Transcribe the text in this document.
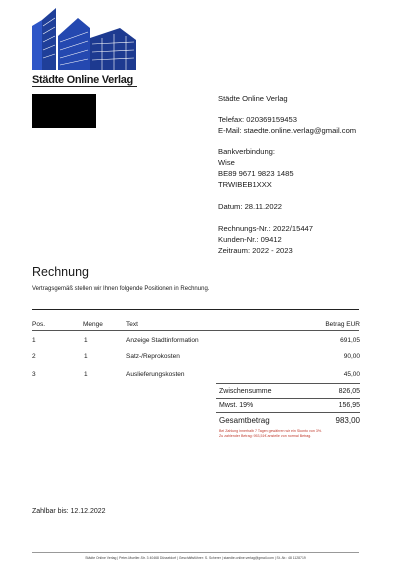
Städte Online Verlag
Städte Online Verlag
Telefax: 020369159453
E-Mail: staedte.online.verlag@gmail.com
Bankverbindung:
Wise
BE89 9671 9823 1485
TRWIBEB1XXX
Datum: 28.11.2022
Rechnungs-Nr.: 2022/15447
Kunden-Nr.: 09412
Zeitraum: 2022 - 2023
Rechnung
Vertragsgemäß stellen wir Ihnen folgende Positionen in Rechnung.
Pos.	Menge	Text	Betrag EUR
1	1	Anzeige Stadtinformation	691,05
2	1	Satz-/Reprokosten	90,00
3	1	Auslieferungskosten	45,00
Zwischensumme	826,05
Mwst. 19%	156,95
Gesamtbetrag	983,00
Bei Zahlung innerhalb 7 Tagen gewähren wir ein Skonto von 3%.
Zu zahlender Betrag: 953,51€ anstelle von normal Betrag.
Zahlbar bis: 12.12.2022
Städte Online Verlag | Peter-Mueller-Str. 3 40468 Düsseldorf | Geschäftsführer: S. Scherer | staedte.online.verlag@gmail.com | St.-Nr.: 48 1128719
